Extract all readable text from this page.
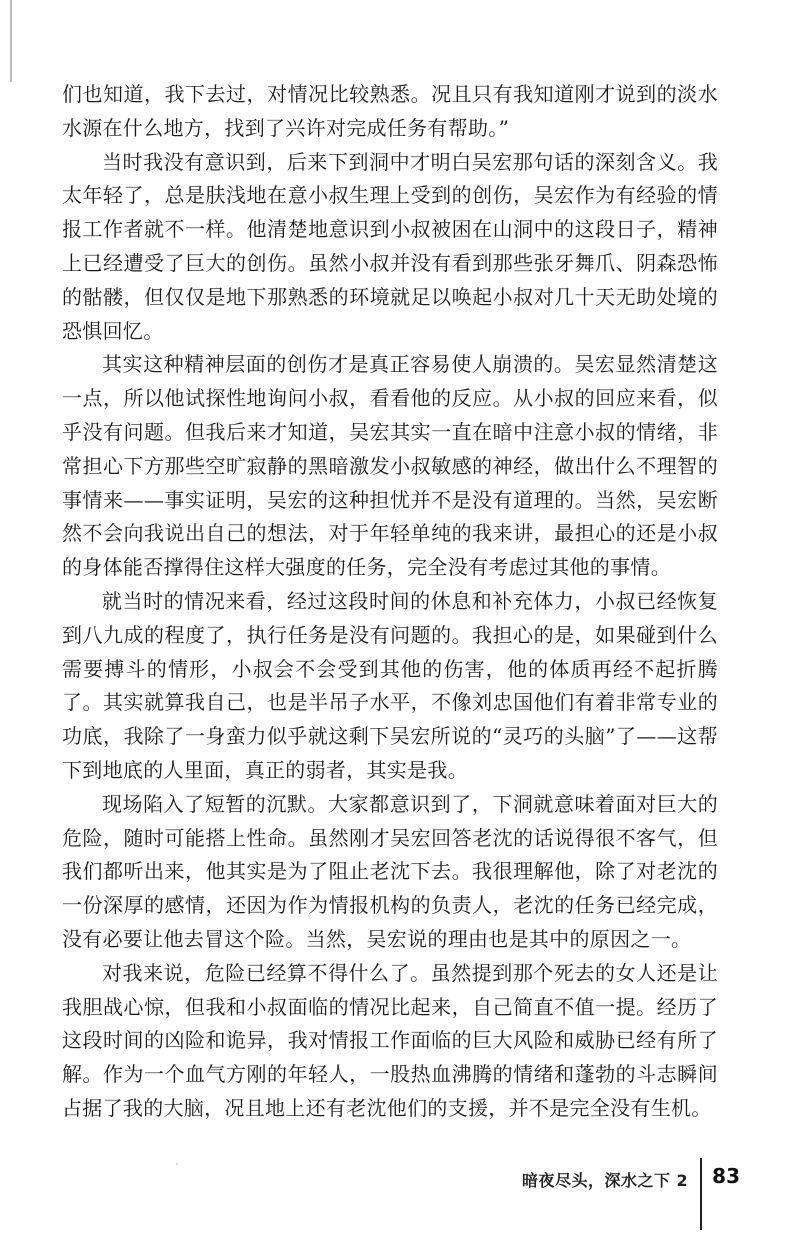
们也知道，我下去过，对情况比较熟悉。况且只有我知道刚才说到的淡水水源在什么地方，找到了兴许对完成任务有帮助。”

当时我没有意识到，后来下到洞中才明白吴宏那句话的深刻含义。我太年轻了，总是肤浅地在意小叔生理上受到的创伤，吴宏作为有经验的情报工作者就不一样。他清楚地意识到小叔被困在山洞中的这段日子，精神上已经遭受了巨大的创伤。虽然小叔并没有看到那些张牙舞爪、阴森恐怖的骷髅，但仅仅是地下那熟悉的环境就足以唤起小叔对几十天无助处境的恐惧回忆。

其实这种精神层面的创伤才是真正容易使人崩溃的。吴宏显然清楚这一点，所以他试探性地询问小叔，看看他的反应。从小叔的回应来看，似乎没有问题。但我后来才知道，吴宏其实一直在暗中注意小叔的情绪，非常担心下方那些空旷寂静的黑暗激发小叔敏感的神经，做出什么不理智的事情来——事实证明，吴宏的这种担忧并不是没有道理的。当然，吴宏断然不会向我说出自己的想法，对于年轻单纯的我来讲，最担心的还是小叔的身体能否撑得住这样大强度的任务，完全没有考虑过其他的事情。

就当时的情况来看，经过这段时间的休息和补充体力，小叔已经恢复到八九成的程度了，执行任务是没有问题的。我担心的是，如果碰到什么需要搏斗的情形，小叔会不会受到其他的伤害，他的体质再经不起折腾了。其实就算我自己，也是半吊子水平，不像刘忠国他们有着非常专业的功底，我除了一身蛮力似乎就这剩下吴宏所说的“灵巧的头脑”了——这帮下到地底的人里面，真正的弱者，其实是我。

现场陷入了短暂的沉默。大家都意识到了，下洞就意味着面对巨大的危险，随时可能搭上性命。虽然刚才吴宏回答老沈的话说得很不客气，但我们都听出来，他其实是为了阻止老沈下去。我很理解他，除了对老沈的一份深厚的感情，还因为作为情报机构的负责人，老沈的任务已经完成，没有必要让他去冒这个险。当然，吴宏说的理由也是其中的原因之一。

对我来说，危险已经算不得什么了。虽然提到那个死去的女人还是让我胆战心惊，但我和小叔面临的情况比起来，自己简直不值一提。经历了这段时间的凶险和诡异，我对情报工作面临的巨大风险和威胁已经有所了解。作为一个血气方刚的年轻人，一股热血沸腾的情绪和蓬勃的斗志瞬间占据了我的大脑，况且地上还有老沈他们的支援，并不是完全没有生机。

暗夜尽头，深水之下 2 83
